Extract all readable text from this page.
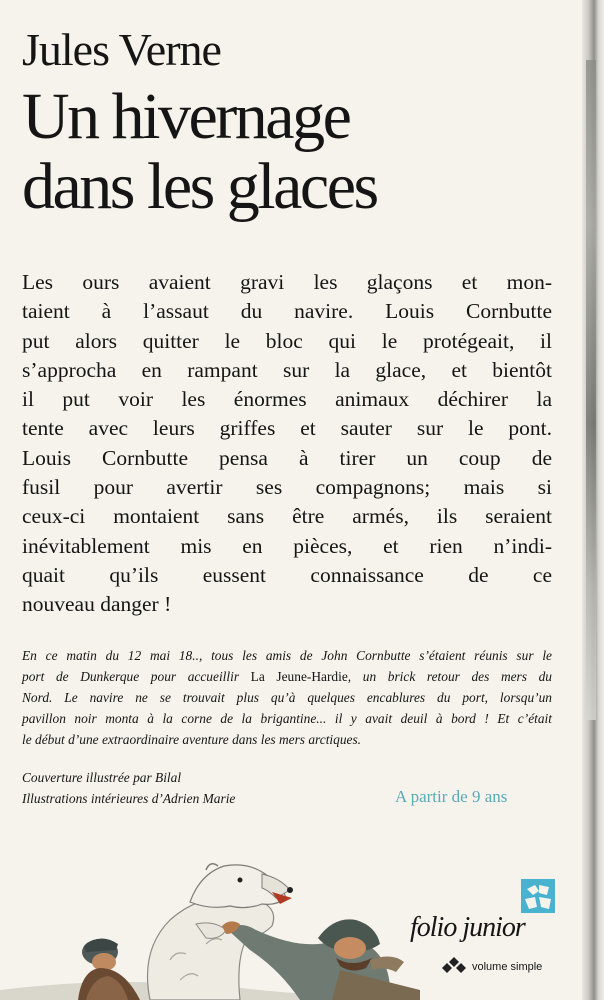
Jules Verne
Un hivernage
dans les glaces
Les ours avaient gravi les glaçons et mon-
taient à l’assaut du navire. Louis Cornbutte
put alors quitter le bloc qui le protégeait, il
s’approcha en rampant sur la glace, et bientôt
il put voir les énormes animaux déchirer la
tente avec leurs griffes et sauter sur le pont.
Louis Cornbutte pensa à tirer un coup de
fusil pour avertir ses compagnons; mais si
ceux-ci montaient sans être armés, ils seraient
inévitablement mis en pièces, et rien n’indi-
quait qu’ils eussent connaissance de ce
nouveau danger !
En ce matin du 12 mai 18.., tous les amis de John Cornbutte s’étaient réunis sur le
port de Dunkerque pour accueillir La Jeune-Hardie, un brick retour des mers du
Nord. Le navire ne se trouvait plus qu’à quelques encablures du port, lorsqu’un
pavillon noir monta à la corne de la brigantine... il y avait deuil à bord ! Et c’était
le début d’une extraordinaire aventure dans les mers arctiques.
Couverture illustrée par Bilal
Illustrations intérieures d’Adrien Marie	A partir de 9 ans
folio junior
volume simple
